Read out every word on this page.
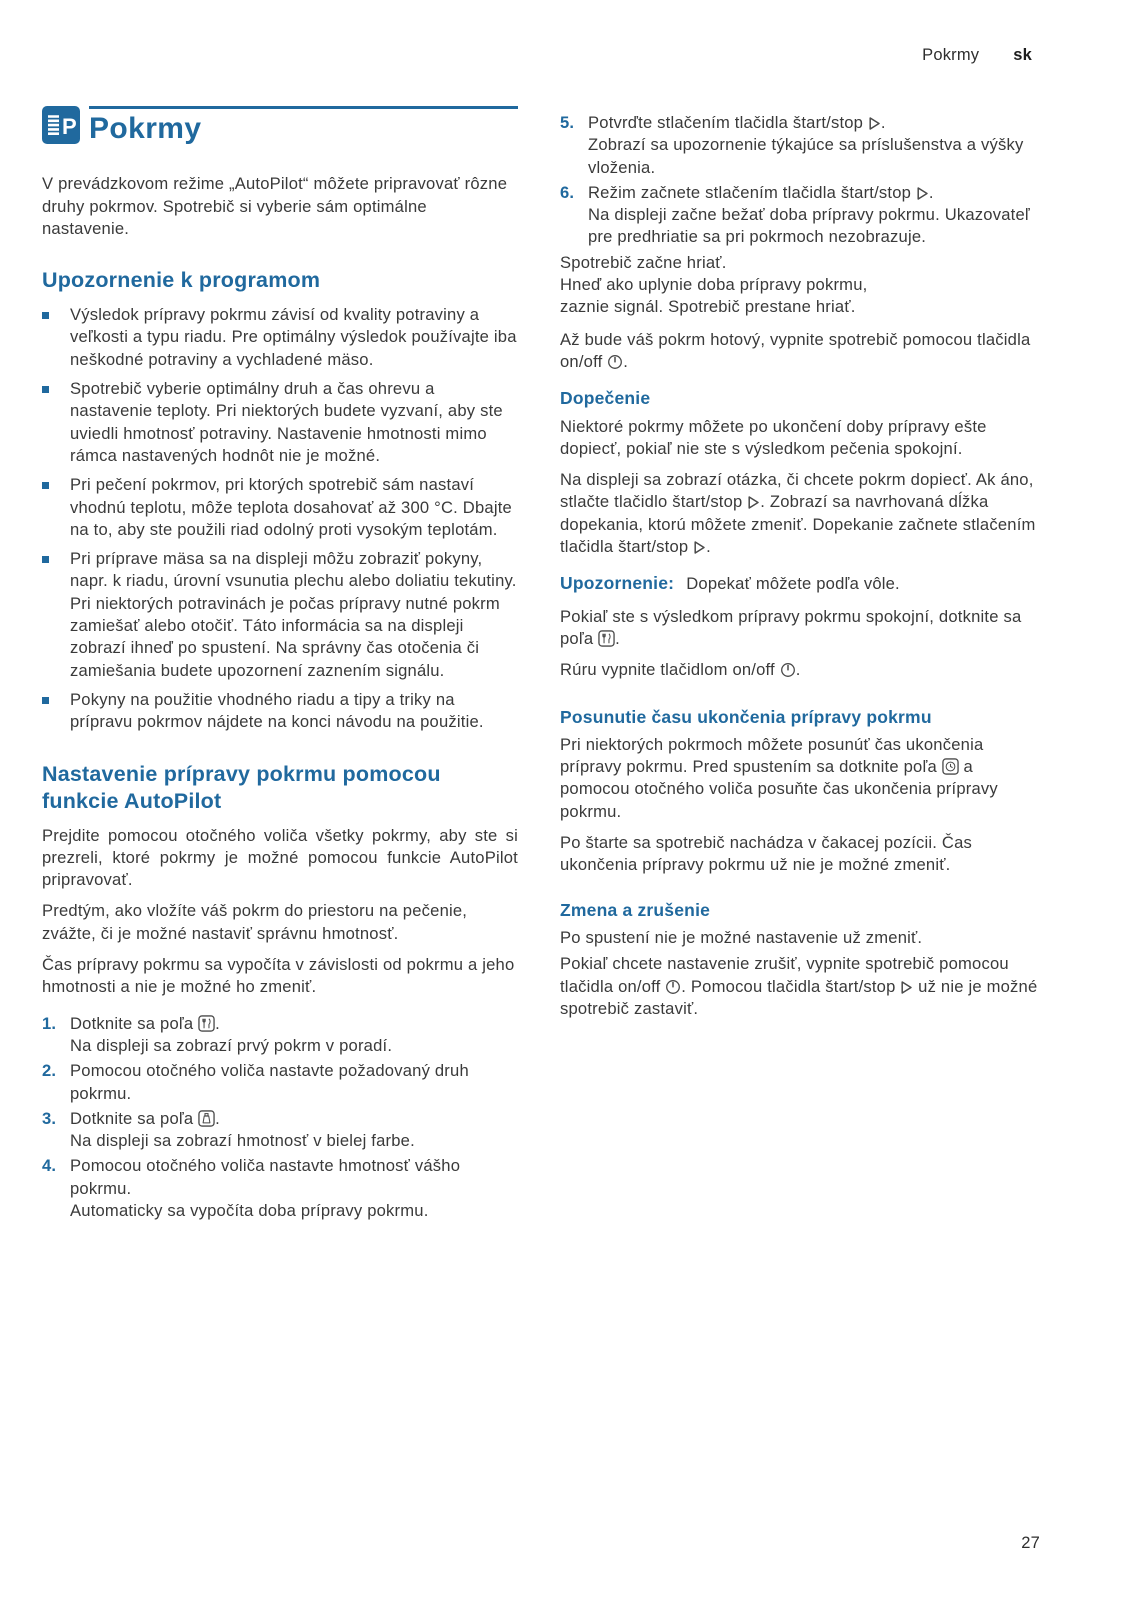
Pokrmy sk
P Pokrmy

V prevádzkovom režime „AutoPilot“ môžete pripravovať rôzne druhy pokrmov. Spotrebič si vyberie sám optimálne nastavenie.

Upozornenie k programom
Výsledok prípravy pokrmu závisí od kvality potraviny a veľkosti a typu riadu. Pre optimálny výsledok používajte iba neškodné potraviny a vychladené mäso.
Spotrebič vyberie optimálny druh a čas ohrevu a nastavenie teploty. Pri niektorých budete vyzvaní, aby ste uviedli hmotnosť potraviny. Nastavenie hmotnosti mimo rámca nastavených hodnôt nie je možné.
Pri pečení pokrmov, pri ktorých spotrebič sám nastaví vhodnú teplotu, môže teplota dosahovať až 300 °C. Dbajte na to, aby ste použili riad odolný proti vysokým teplotám.
Pri príprave mäsa sa na displeji môžu zobraziť pokyny, napr. k riadu, úrovní vsunutia plechu alebo doliatiu tekutiny. Pri niektorých potravinách je počas prípravy nutné pokrm zamiešať alebo otočiť. Táto informácia sa na displeji zobrazí ihneď po spustení. Na správny čas otočenia či zamiešania budete upozornení zaznením signálu.
Pokyny na použitie vhodného riadu a tipy a triky na prípravu pokrmov nájdete na konci návodu na použitie.
Nastavenie prípravy pokrmu pomocou funkcie AutoPilot

Prejdite pomocou otočného voliča všetky pokrmy, aby ste si prezreli, ktoré pokrmy je možné pomocou funkcie AutoPilot pripravovať.

Predtým, ako vložíte váš pokrm do priestoru na pečenie, zvážte, či je možné nastaviť správnu hmotnosť.

Čas prípravy pokrmu sa vypočíta v závislosti od pokrmu a jeho hmotnosti a nie je možné ho zmeniť.

1. Dotknite sa poľa .
Na displeji sa zobrazí prvý pokrm v poradí.
2. Pomocou otočného voliča nastavte požadovaný druh pokrmu.
3. Dotknite sa poľa .
Na displeji sa zobrazí hmotnosť v bielej farbe.
4. Pomocou otočného voliča nastavte hmotnosť vášho pokrmu.
Automaticky sa vypočíta doba prípravy pokrmu.
5. Potvrďte stlačením tlačidla štart/stop .
Zobrazí sa upozornenie týkajúce sa príslušenstva a výšky vloženia.
6. Režim začnete stlačením tlačidla štart/stop .
Na displeji začne bežať doba prípravy pokrmu. Ukazovateľ pre predhriatie sa pri pokrmoch nezobrazuje.
Spotrebič začne hriať.
Hneď ako uplynie doba prípravy pokrmu,
zaznie signál. Spotrebič prestane hriať.

Až bude váš pokrm hotový, vypnite spotrebič pomocou tlačidla on/off .

Dopečenie

Niektoré pokrmy môžete po ukončení doby prípravy ešte dopiecť, pokiaľ nie ste s výsledkom pečenia spokojní.

Na displeji sa zobrazí otázka, či chcete pokrm dopiecť. Ak áno, stlačte tlačidlo štart/stop . Zobrazí sa navrhovaná dĺžka dopekania, ktorú môžete zmeniť. Dopekanie začnete stlačením tlačidla štart/stop .

Upozornenie: Dopekať môžete podľa vôle.

Pokiaľ ste s výsledkom prípravy pokrmu spokojní, dotknite sa poľa .

Rúru vypnite tlačidlom on/off .

Posunutie času ukončenia prípravy pokrmu

Pri niektorých pokrmoch môžete posunúť čas ukončenia prípravy pokrmu. Pred spustením sa dotknite poľa  a pomocou otočného voliča posuňte čas ukončenia prípravy pokrmu.

Po štarte sa spotrebič nachádza v čakacej pozícii. Čas ukončenia prípravy pokrmu už nie je možné zmeniť.

Zmena a zrušenie

Po spustení nie je možné nastavenie už zmeniť.

Pokiaľ chcete nastavenie zrušiť, vypnite spotrebič pomocou tlačidla on/off . Pomocou tlačidla štart/stop  už nie je možné spotrebič zastaviť.

27
